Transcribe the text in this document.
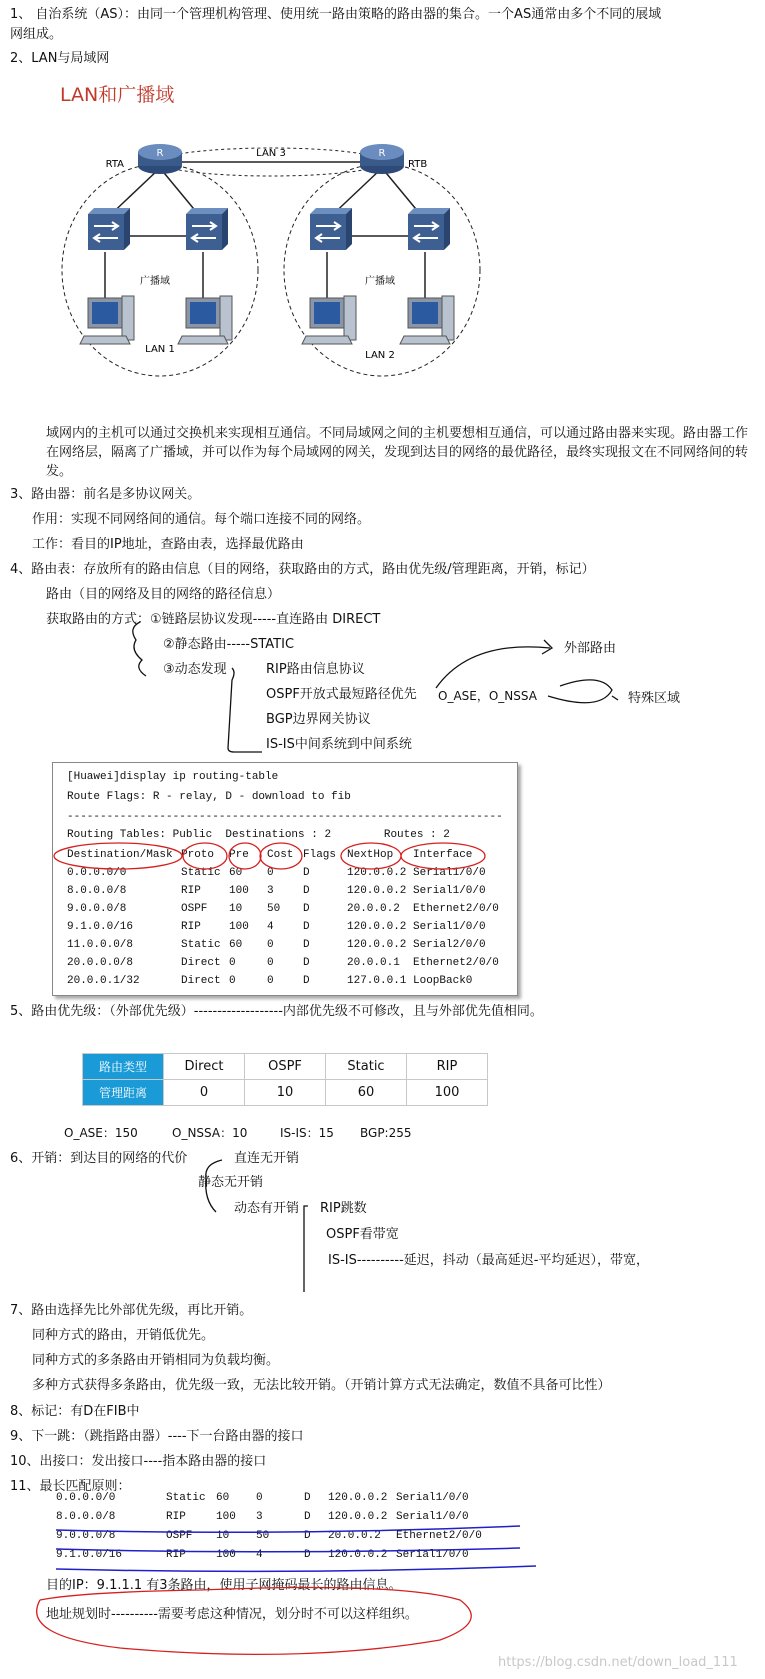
1、 自治系统（AS）：由同一个管理机构管理、使用统一路由策略的路由器的集合。一个AS通常由多个不同的展域
网组成。
2、LAN与局域网
LAN和广播域
R	R
RTA	RTB
LAN 3
广播域	广播域
LAN 1
LAN 2
域网内的主机可以通过交换机来实现相互通信。不同局域网之间的主机要想相互通信，可以通过路由器来实现。路由器工作在网络层，隔离了广播域，并可以作为每个局域网的网关，发现到达目的网络的最优路径，最终实现报文在不同网络间的转发。
3、路由器：前名是多协议网关。
作用：实现不同网络间的通信。每个端口连接不同的网络。
工作：看目的IP地址，查路由表，选择最优路由
4、路由表：存放所有的路由信息（目的网络，获取路由的方式，路由优先级/管理距离，开销，标记）
路由（目的网络及目的网络的路径信息）
获取路由的方式：①链路层协议发现-----直连路由 DIRECT
②静态路由-----STATIC
③动态发现	RIP路由信息协议
OSPF开放式最短路径优先 O_ASE，O_NSSA
BGP边界网关协议
IS-IS中间系统到中间系统
外部路由
特殊区域
[Huawei]display ip routing-table
Route Flags: R - relay, D - download to fib
------------------------------------------------------------------
Routing Tables: Public  Destinations : 2        Routes : 2
Destination/Mask Proto Pre Cost Flags NextHop Interface
0.0.0.0/0	Static 60 0	D	120.0.0.2 Serial1/0/0
8.0.0.0/8	RIP	100 3	D	120.0.0.2 Serial1/0/0
9.0.0.0/8	OSPF 10 50 D	20.0.0.2 Ethernet2/0/0
9.1.0.0/16	RIP	100 4	D	120.0.0.2 Serial1/0/0
11.0.0.0/8	Static 60 0	D	120.0.0.2 Serial2/0/0
20.0.0.0/8	Direct 0	0	D	20.0.0.1 Ethernet2/0/0
20.0.0.1/32	Direct 0	0	D	127.0.0.1 LoopBack0
5、路由优先级：（外部优先级）-------------------内部优先级不可修改，且与外部优先值相同。
路由类型	Direct	OSPF	Static	RIP
管理距离	0	10	60	100
O_ASE：150	O_NSSA：10	IS-IS：15 BGP:255
6、开销：到达目的网络的代价	直连无开销
静态无开销
动态有开销 RIP跳数
OSPF看带宽
IS-IS----------延迟，抖动（最高延迟-平均延迟），带宽，
7、路由选择先比外部优先级，再比开销。
同种方式的路由，开销低优先。
同种方式的多条路由开销相同为负载均衡。
多种方式获得多条路由，优先级一致，无法比较开销。（开销计算方式无法确定，数值不具备可比性）
8、标记：有D在FIB中
9、下一跳：（跳指路由器）----下一台路由器的接口
10、出接口：发出接口----指本路由器的接口
11、最长匹配原则：
0.0.0.0/0	Static 60 0	D 120.0.0.2 Serial1/0/0
8.0.0.0/8	RIP	100 3	D 120.0.0.2 Serial1/0/0
9.0.0.0/8	OSPF 10 50	D 20.0.0.2 Ethernet2/0/0
9.1.0.0/16	RIP	100 4	D 120.0.0.2 Serial1/0/0
目的IP：9.1.1.1 有3条路由，使用子网掩码最长的路由信息。
地址规划时----------需要考虑这种情况，划分时不可以这样组织。
https://blog.csdn.net/down_load_111
